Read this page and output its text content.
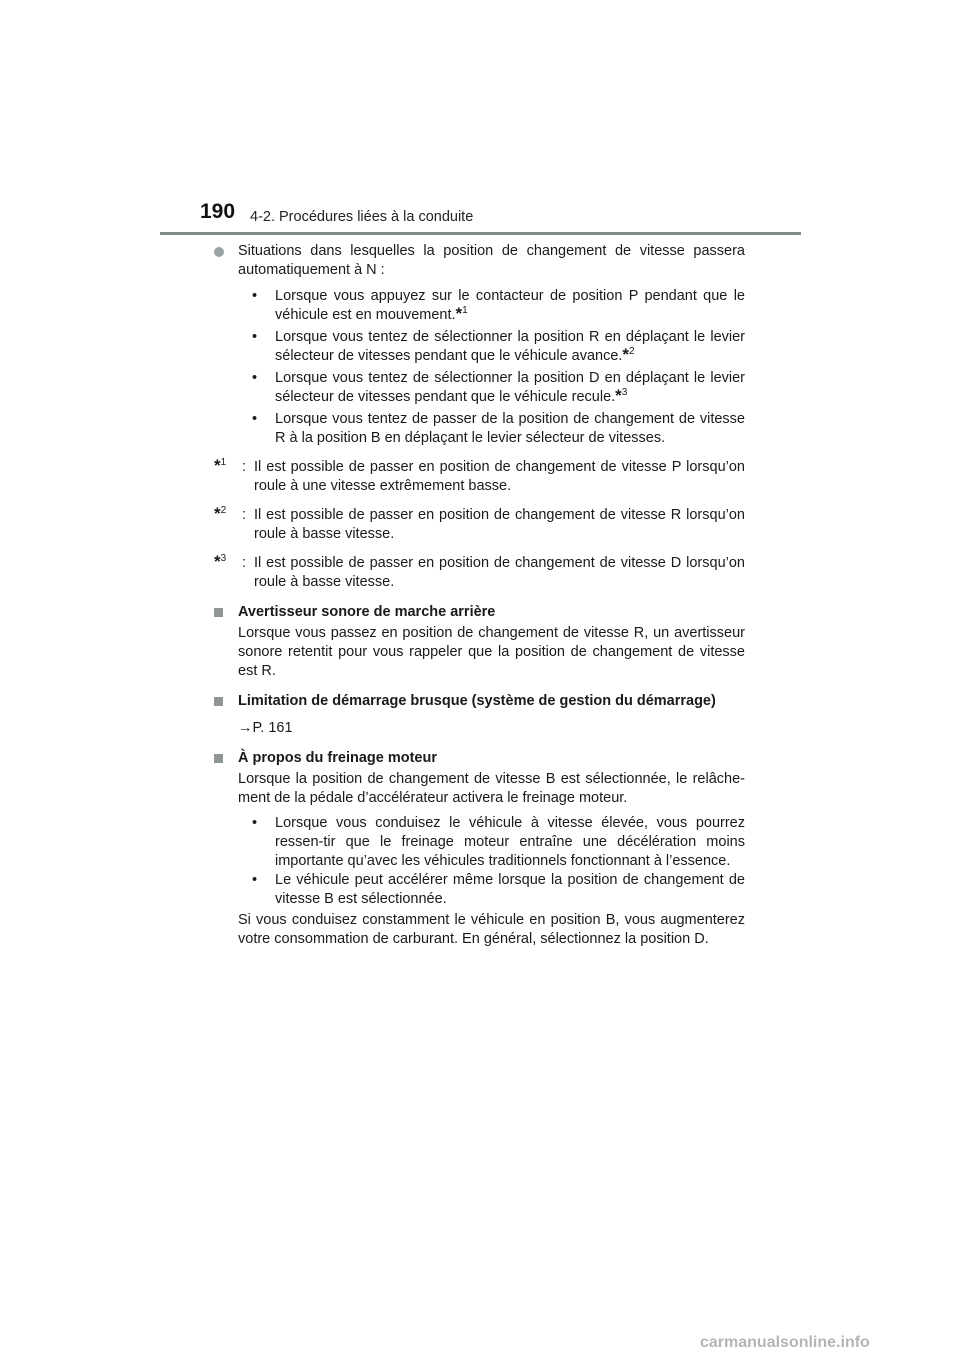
190 4-2. Procédures liées à la conduite

Situations dans lesquelles la position de changement de vitesse passera automatiquement à N :

• Lorsque vous appuyez sur le contacteur de position P pendant que le véhicule est en mouvement.*$^1$
• Lorsque vous tentez de sélectionner la position R en déplaçant le levier sélecteur de vitesses pendant que le véhicule avance.*$^2$
• Lorsque vous tentez de sélectionner la position D en déplaçant le levier sélecteur de vitesses pendant que le véhicule recule.*$^3$
• Lorsque vous tentez de passer de la position de changement de vitesse R à la position B en déplaçant le levier sélecteur de vitesses.
*$^1$ : Il est possible de passer en position de changement de vitesse P lorsqu’on roule à une vitesse extrêmement basse.
*$^2$ : Il est possible de passer en position de changement de vitesse R lorsqu’on roule à basse vitesse.
*$^3$ : Il est possible de passer en position de changement de vitesse D lorsqu’on roule à basse vitesse.
Avertisseur sonore de marche arrière

Lorsque vous passez en position de changement de vitesse R, un avertisseur sonore retentit pour vous rappeler que la position de changement de vitesse est R.

Limitation de démarrage brusque (système de gestion du démarrage)

→P. 161

À propos du freinage moteur

Lorsque la position de changement de vitesse B est sélectionnée, le relâche-ment de la pédale d’accélérateur activera le freinage moteur.

• Lorsque vous conduisez le véhicule à vitesse élevée, vous pourrez ressen-tir que le freinage moteur entraîne une décélération moins importante qu’avec les véhicules traditionnels fonctionnant à l’essence.
• Le véhicule peut accélérer même lorsque la position de changement de vitesse B est sélectionnée.

Si vous conduisez constamment le véhicule en position B, vous augmenterez votre consommation de carburant. En général, sélectionnez la position D.

carmanualsonline.info
